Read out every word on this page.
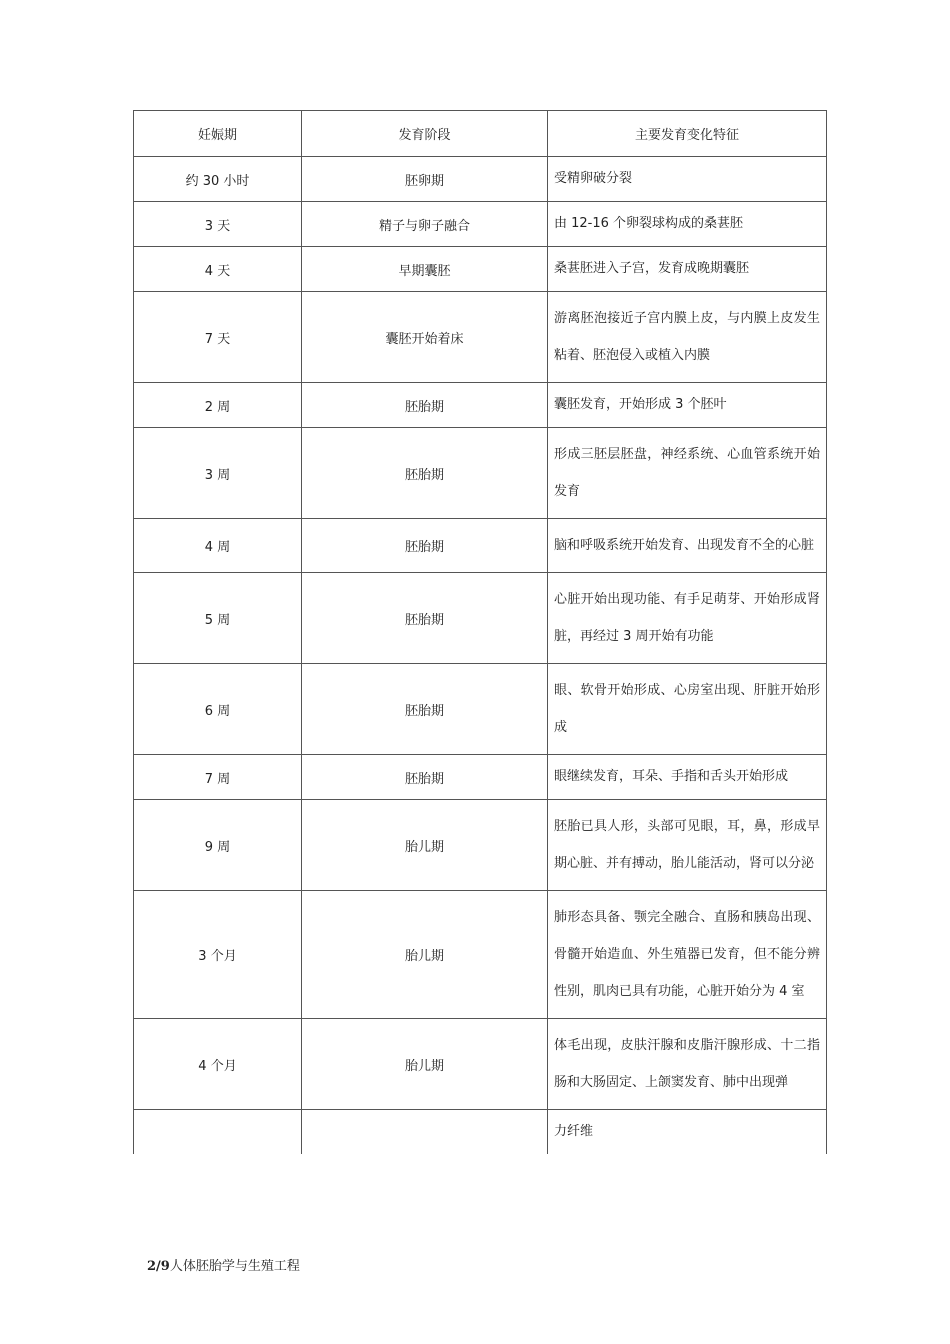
妊娠期	发育阶段	主要发育变化特征
约 30 小时	胚卵期	受精卵破分裂
3 天	精子与卵子融合	由 12-16 个卵裂球构成的桑葚胚
4 天	早期囊胚	桑葚胚进入子宫，发育成晚期囊胚
7 天	囊胚开始着床	游离胚泡接近子宫内膜上皮，与内膜上皮发生粘着、胚泡侵入或植入内膜
2 周	胚胎期	囊胚发育，开始形成 3 个胚叶
3 周	胚胎期	形成三胚层胚盘，神经系统、心血管系统开始发育
4 周	胚胎期	脑和呼吸系统开始发育、出现发育不全的心脏
5 周	胚胎期	心脏开始出现功能、有手足萌芽、开始形成肾脏，再经过 3 周开始有功能
6 周	胚胎期	眼、软骨开始形成、心房室出现、肝脏开始形成
7 周	胚胎期	眼继续发育，耳朵、手指和舌头开始形成
9 周	胎儿期	胚胎已具人形，头部可见眼，耳，鼻，形成早期心脏、并有搏动，胎儿能活动，肾可以分泌
3 个月	胎儿期	肺形态具备、颚完全融合、直肠和胰岛出现、骨髓开始造血、外生殖器已发育，但不能分辨性别，肌肉已具有功能，心脏开始分为 4 室
4 个月	胎儿期	体毛出现，皮肤汗腺和皮脂汗腺形成、十二指肠和大肠固定、上颌窦发育、肺中出现弹
		力纤维
2/9人体胚胎学与生殖工程
